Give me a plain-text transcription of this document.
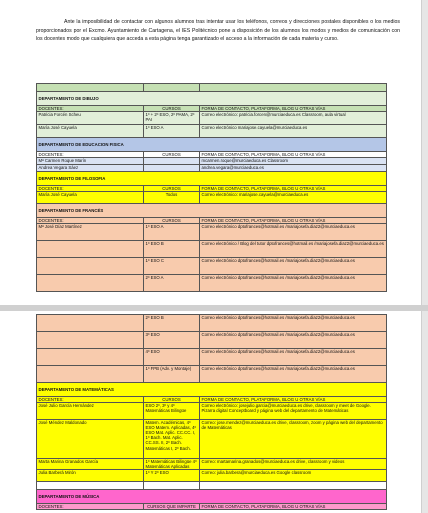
Ante la imposibilidad de contactar con algunos alumnos tras intentar usar los teléfonos, correos y direcciones postales disponibles o los medios proporcionados por el Excmo. Ayuntamiento de Cartagena, el IES Politécnico pone a disposición de los alumnos los modos y medios de comunicación con los docentes modo que cualquiera que acceda a esta página tenga garantizado el acceso a la información de cada materia y curso.

DEPARTAMENTO DE DIBUJO		
DOCENTES:	CURSOS	FORMA DE CONTACTO, PLATAFORMA, BLOG U OTRAS VÍAS
Patricia Forcén Scheu	1º + 2º ESO, 2º PAMA, 2º PAI	Correo electrónico: patricia.forcen@murciaeduca.es Classroom, aula virtual
María José Cayuela	1º ESO A	Correo electrónico mariajose.cayuela@murciaeduca.es
DEPARTAMENTO DE EDUCACION FISICA		
DOCENTES:	CURSOS	FORMA DE CONTACTO, PLATAFORMA, BLOG U OTRAS VÍAS
Mª Carmen Roque Marín		mcarmen.roque@murciaeduca.es Classroom
Andrea Vegara Sáez		andrea.vegara@murciaeduca.es
DEPARTAMENTO DE FILOSOFIA		
DOCENTES:	CURSOS	FORMA DE CONTACTO, PLATAFORMA, BLOG U OTRAS VÍAS
María José Cayuela	Todos	Correo electrónico: mariajose.cayuela@murciaeduca.es
DEPARTAMENTO DE FRANCÉS		
DOCENTES:	CURSOS	FORMA DE CONTACTO, PLATAFORMA, BLOG U OTRAS VÍAS
Mª José Díaz Martínez	1º ESO A	Correo electrónico dptofrances@hotmail.es /mariajosefa.diaz2@murciaeduca.es
	1º ESO B	Correo electrónico / Blog del tutor dptofrances@hotmail.es /mariajosefa.diaz2@murciaeduca.es
	1º ESO C	Correo electrónico dptofrances@hotmail.es /mariajosefa.diaz2@murciaeduca.es
	2º ESO A	Correo electrónico dptofrances@hotmail.es /mariajosefa.diaz2@murciaeduca.es
	2º ESO B	Correo electrónico dptofrances@hotmail.es /mariajosefa.diaz2@murciaeduca.es
	3º ESO	Correo electrónico dptofrances@hotmail.es /mariajosefa.diaz2@murciaeduca.es
	4º ESO	Correo electrónico dptofrances@hotmail.es /mariajosefa.diaz2@murciaeduca.es
	1º FPB (Adv. y Montaje)	Correo electrónico dptofrances@hotmail.es /mariajosefa.diaz2@murciaeduca.es
DEPARTAMENTO DE MATEMÁTICAS		
DOCENTES:	CURSOS	FORMA DE CONTACTO, PLATAFORMA, BLOG U OTRAS VÍAS
José Julio García Hernández	ESO 2º, 3º y 4º Matemáticas Bilingüe	Correo electrónico: josejulio.garcia@murciaeduca.es drive, classroom y meet de Google. Pizarra digital Conceptboard y página web del departamento de Matemáticas
José Méndez Maldonado	Matem. Académicas, 4º ESO Matem. Aplicadas, 4º ESO Mat. Aplic. CC.CC. I, 1º Bach. Mat. Aplic. CC.SS. II, 2º Bach. Matemáticas I, 2º Bach.	Correo: jose.mendez@murciaeduca.es drive, classroom, zoom y página web del departamento de Matemáticas
Marta Marina Granados García	1º Matemáticas Bilingüe 4º Matemáticas Aplicadas	Correo: martamarina.granados@murciaeduca.es drive, classroom y videos
Julia Barberá Mirón	1º Y 2º ESO	Correo: julia.barbera@murciaeduca.es Google classroom

DEPARTAMENTO DE MÚSICA		
DOCENTES:	CURSOS QUE IMPARTE	FORMA DE CONTACTO, PLATAFORMA, BLOG U OTRAS VÍAS
